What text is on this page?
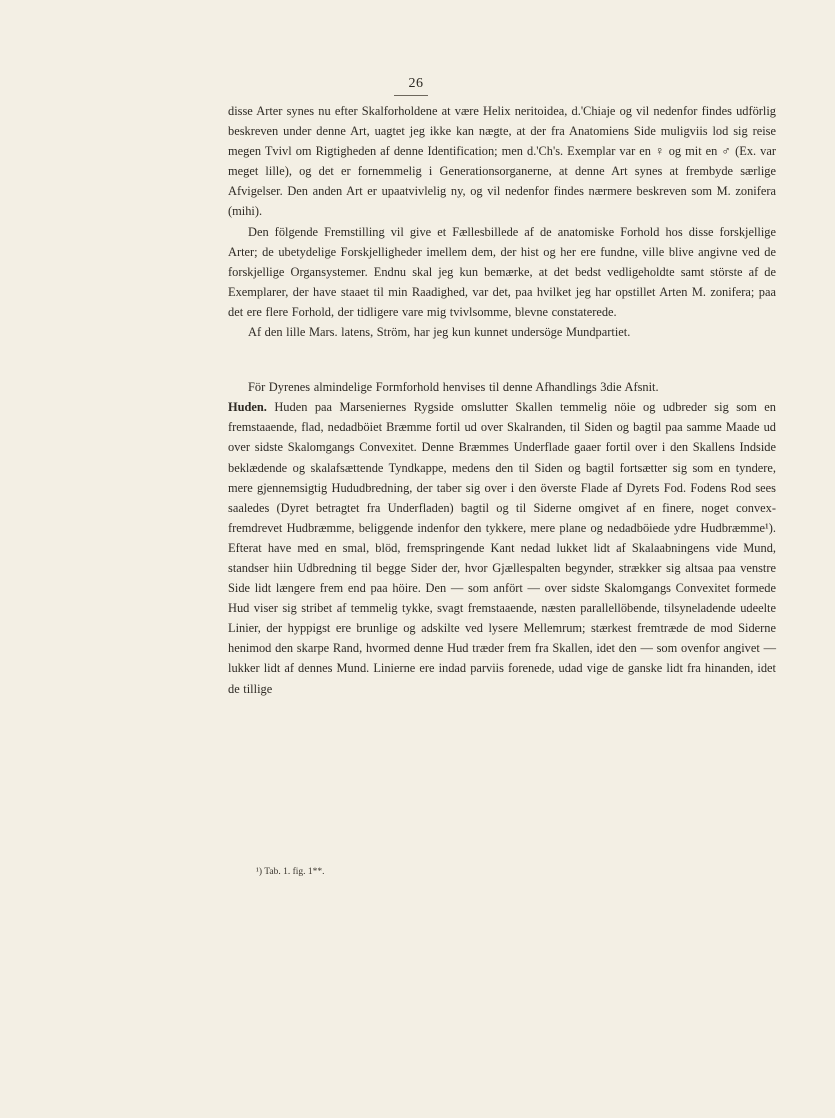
26

disse Arter synes nu efter Skalforholdene at være Helix neritoidea, d.'Chiaje og vil nedenfor findes udförlig beskreven under denne Art, uagtet jeg ikke kan nægte, at der fra Anatomiens Side muligviis lod sig reise megen Tvivl om Rigtigheden af denne Identification; men d.'Ch's. Exemplar var en ♀ og mit en ♂ (Ex. var meget lille), og det er fornemmelig i Generationsorganerne, at denne Art synes at frembyde særlige Afvigelser. Den anden Art er upaatvivlelig ny, og vil nedenfor findes nærmere beskreven som M. zonifera (mihi).

Den fölgende Fremstilling vil give et Fællesbillede af de anatomiske Forhold hos disse forskjellige Arter; de ubetydelige Forskjelligheder imellem dem, der hist og her ere fundne, ville blive angivne ved de forskjellige Organsystemer. Endnu skal jeg kun bemærke, at det bedst vedligeholdte samt störste af de Exemplarer, der have staaet til min Raadighed, var det, paa hvilket jeg har opstillet Arten M. zonifera; paa det ere flere Forhold, der tidligere vare mig tvivlsomme, blevne constaterede.

Af den lille Mars. latens, Ström, har jeg kun kunnet undersöge Mundpartiet.

För Dyrenes almindelige Formforhold henvises til denne Afhandlings 3die Afsnit.

Huden. Huden paa Marseniernes Rygside omslutter Skallen temmelig nöie og udbreder sig som en fremstaaende, flad, nedadböiet Bræmme fortil ud over Skalranden, til Siden og bagtil paa samme Maade ud over sidste Skalomgangs Convexitet. Denne Bræmmes Underflade gaaer fortil over i den Skallens Indside beklædende og skalafsættende Tyndkappe, medens den til Siden og bagtil fortsætter sig som en tyndere, mere gjennemsigtig Hududbredning, der taber sig over i den överste Flade af Dyrets Fod. Fodens Rod sees saaledes (Dyret betragtet fra Underfladen) bagtil og til Siderne omgivet af en finere, noget convex-fremdrevet Hudbræmme, beliggende indenfor den tykkere, mere plane og nedadböiede ydre Hudbræmme¹). Efterat have med en smal, blöd, fremspringende Kant nedad lukket lidt af Skalaabningens vide Mund, standser hiin Udbredning til begge Sider der, hvor Gjællespalten begynder, strækker sig altsaa paa venstre Side lidt længere frem end paa höire. Den — som anfört — over sidste Skalomgangs Convexitet formede Hud viser sig stribet af temmelig tykke, svagt fremstaaende, næsten parallellöbende, tilsyneladende udeelte Linier, der hyppigst ere brunlige og adskilte ved lysere Mellemrum; stærkest fremtræde de mod Siderne henimod den skarpe Rand, hvormed denne Hud træder frem fra Skallen, idet den — som ovenfor angivet — lukker lidt af dennes Mund. Linierne ere indad parviis forenede, udad vige de ganske lidt fra hinanden, idet de tillige

¹) Tab. 1. fig. 1**.
